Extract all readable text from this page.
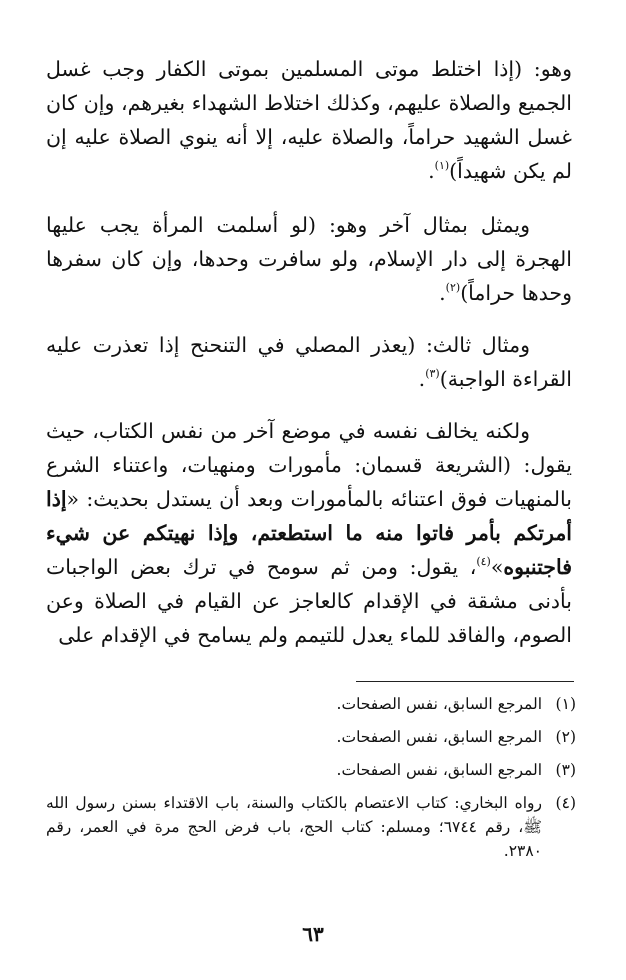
وهو: (إذا اختلط موتى المسلمين بموتى الكفار وجب غسل الجميع والصلاة عليهم، وكذلك اختلاط الشهداء بغيرهم، وإن كان غسل الشهيد حراماً، والصلاة عليه، إلا أنه ينوي الصلاة عليه إن لم يكن شهيداً)$^{(١)}$.

ويمثل بمثال آخر وهو: (لو أسلمت المرأة يجب عليها الهجرة إلى دار الإسلام، ولو سافرت وحدها، وإن كان سفرها وحدها حراماً)$^{(٢)}$.

ومثال ثالث: (يعذر المصلي في التنحنح إذا تعذرت عليه القراءة الواجبة)$^{(٣)}$.

ولكنه يخالف نفسه في موضع آخر من نفس الكتاب، حيث يقول: (الشريعة قسمان: مأمورات ومنهيات، واعتناء الشرع بالمنهيات فوق اعتنائه بالمأمورات وبعد أن يستدل بحديث: «إذا أمرتكم بأمر فاتوا منه ما استطعتم، وإذا نهيتكم عن شيء فاجتنبوه»$^{(٤)}$، يقول: ومن ثم سومح في ترك بعض الواجبات بأدنى مشقة في الإقدام كالعاجز عن القيام في الصلاة وعن الصوم، والفاقد للماء يعدل للتيمم ولم يسامح في الإقدام على

(١)
المرجع السابق، نفس الصفحات.
(٢)
المرجع السابق، نفس الصفحات.
(٣)
المرجع السابق، نفس الصفحات.
(٤)
رواه البخاري: كتاب الاعتصام بالكتاب والسنة، باب الاقتداء بسنن رسول الله ﷺ، رقم ٦٧٤٤؛ ومسلم: كتاب الحج، باب فرض الحج مرة في العمر، رقم ٢٣٨٠.
٦٣
